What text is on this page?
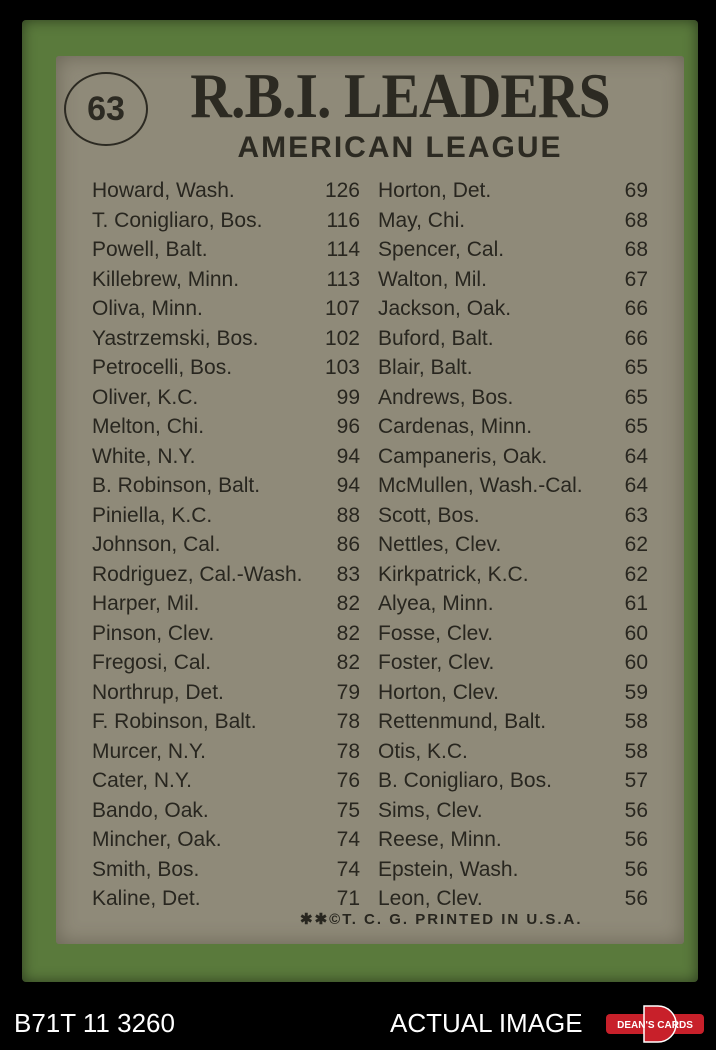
63	R.B.I. LEADERS
AMERICAN LEAGUE
Howard, Wash.	126
T. Conigliaro, Bos.	116
Powell, Balt.	114
Killebrew, Minn.	113
Oliva, Minn.	107
Yastrzemski, Bos.	102
Petrocelli, Bos.	103
Oliver, K.C.	99
Melton, Chi.	96
White, N.Y.	94
B. Robinson, Balt.	94
Piniella, K.C.	88
Johnson, Cal.	86
Rodriguez, Cal.-Wash. 83
Harper, Mil.	82
Pinson, Clev.	82
Fregosi, Cal.	82
Northrup, Det.	79
F. Robinson, Balt.	78
Murcer, N.Y.	78
Cater, N.Y.	76
Bando, Oak.	75
Mincher, Oak.	74
Smith, Bos.	74
Kaline, Det.	71
Horton, Det.	69
May, Chi.	68
Spencer, Cal.	68
Walton, Mil.	67
Jackson, Oak.	66
Buford, Balt.	66
Blair, Balt.	65
Andrews, Bos.	65
Cardenas, Minn.	65
Campaneris, Oak.	64
McMullen, Wash.-Cal. 64
Scott, Bos.	63
Nettles, Clev.	62
Kirkpatrick, K.C.	62
Alyea, Minn.	61
Fosse, Clev.	60
Foster, Clev.	60
Horton, Clev.	59
Rettenmund, Balt.	58
Otis, K.C.	58
B. Conigliaro, Bos.	57
Sims, Clev.	56
Reese, Minn.	56
Epstein, Wash.	56
Leon, Clev.	56
✱✱©T. C. G. PRINTED IN U.S.A.
B71T 11 3260	ACTUAL IMAGE	DEAN'S CARDS
